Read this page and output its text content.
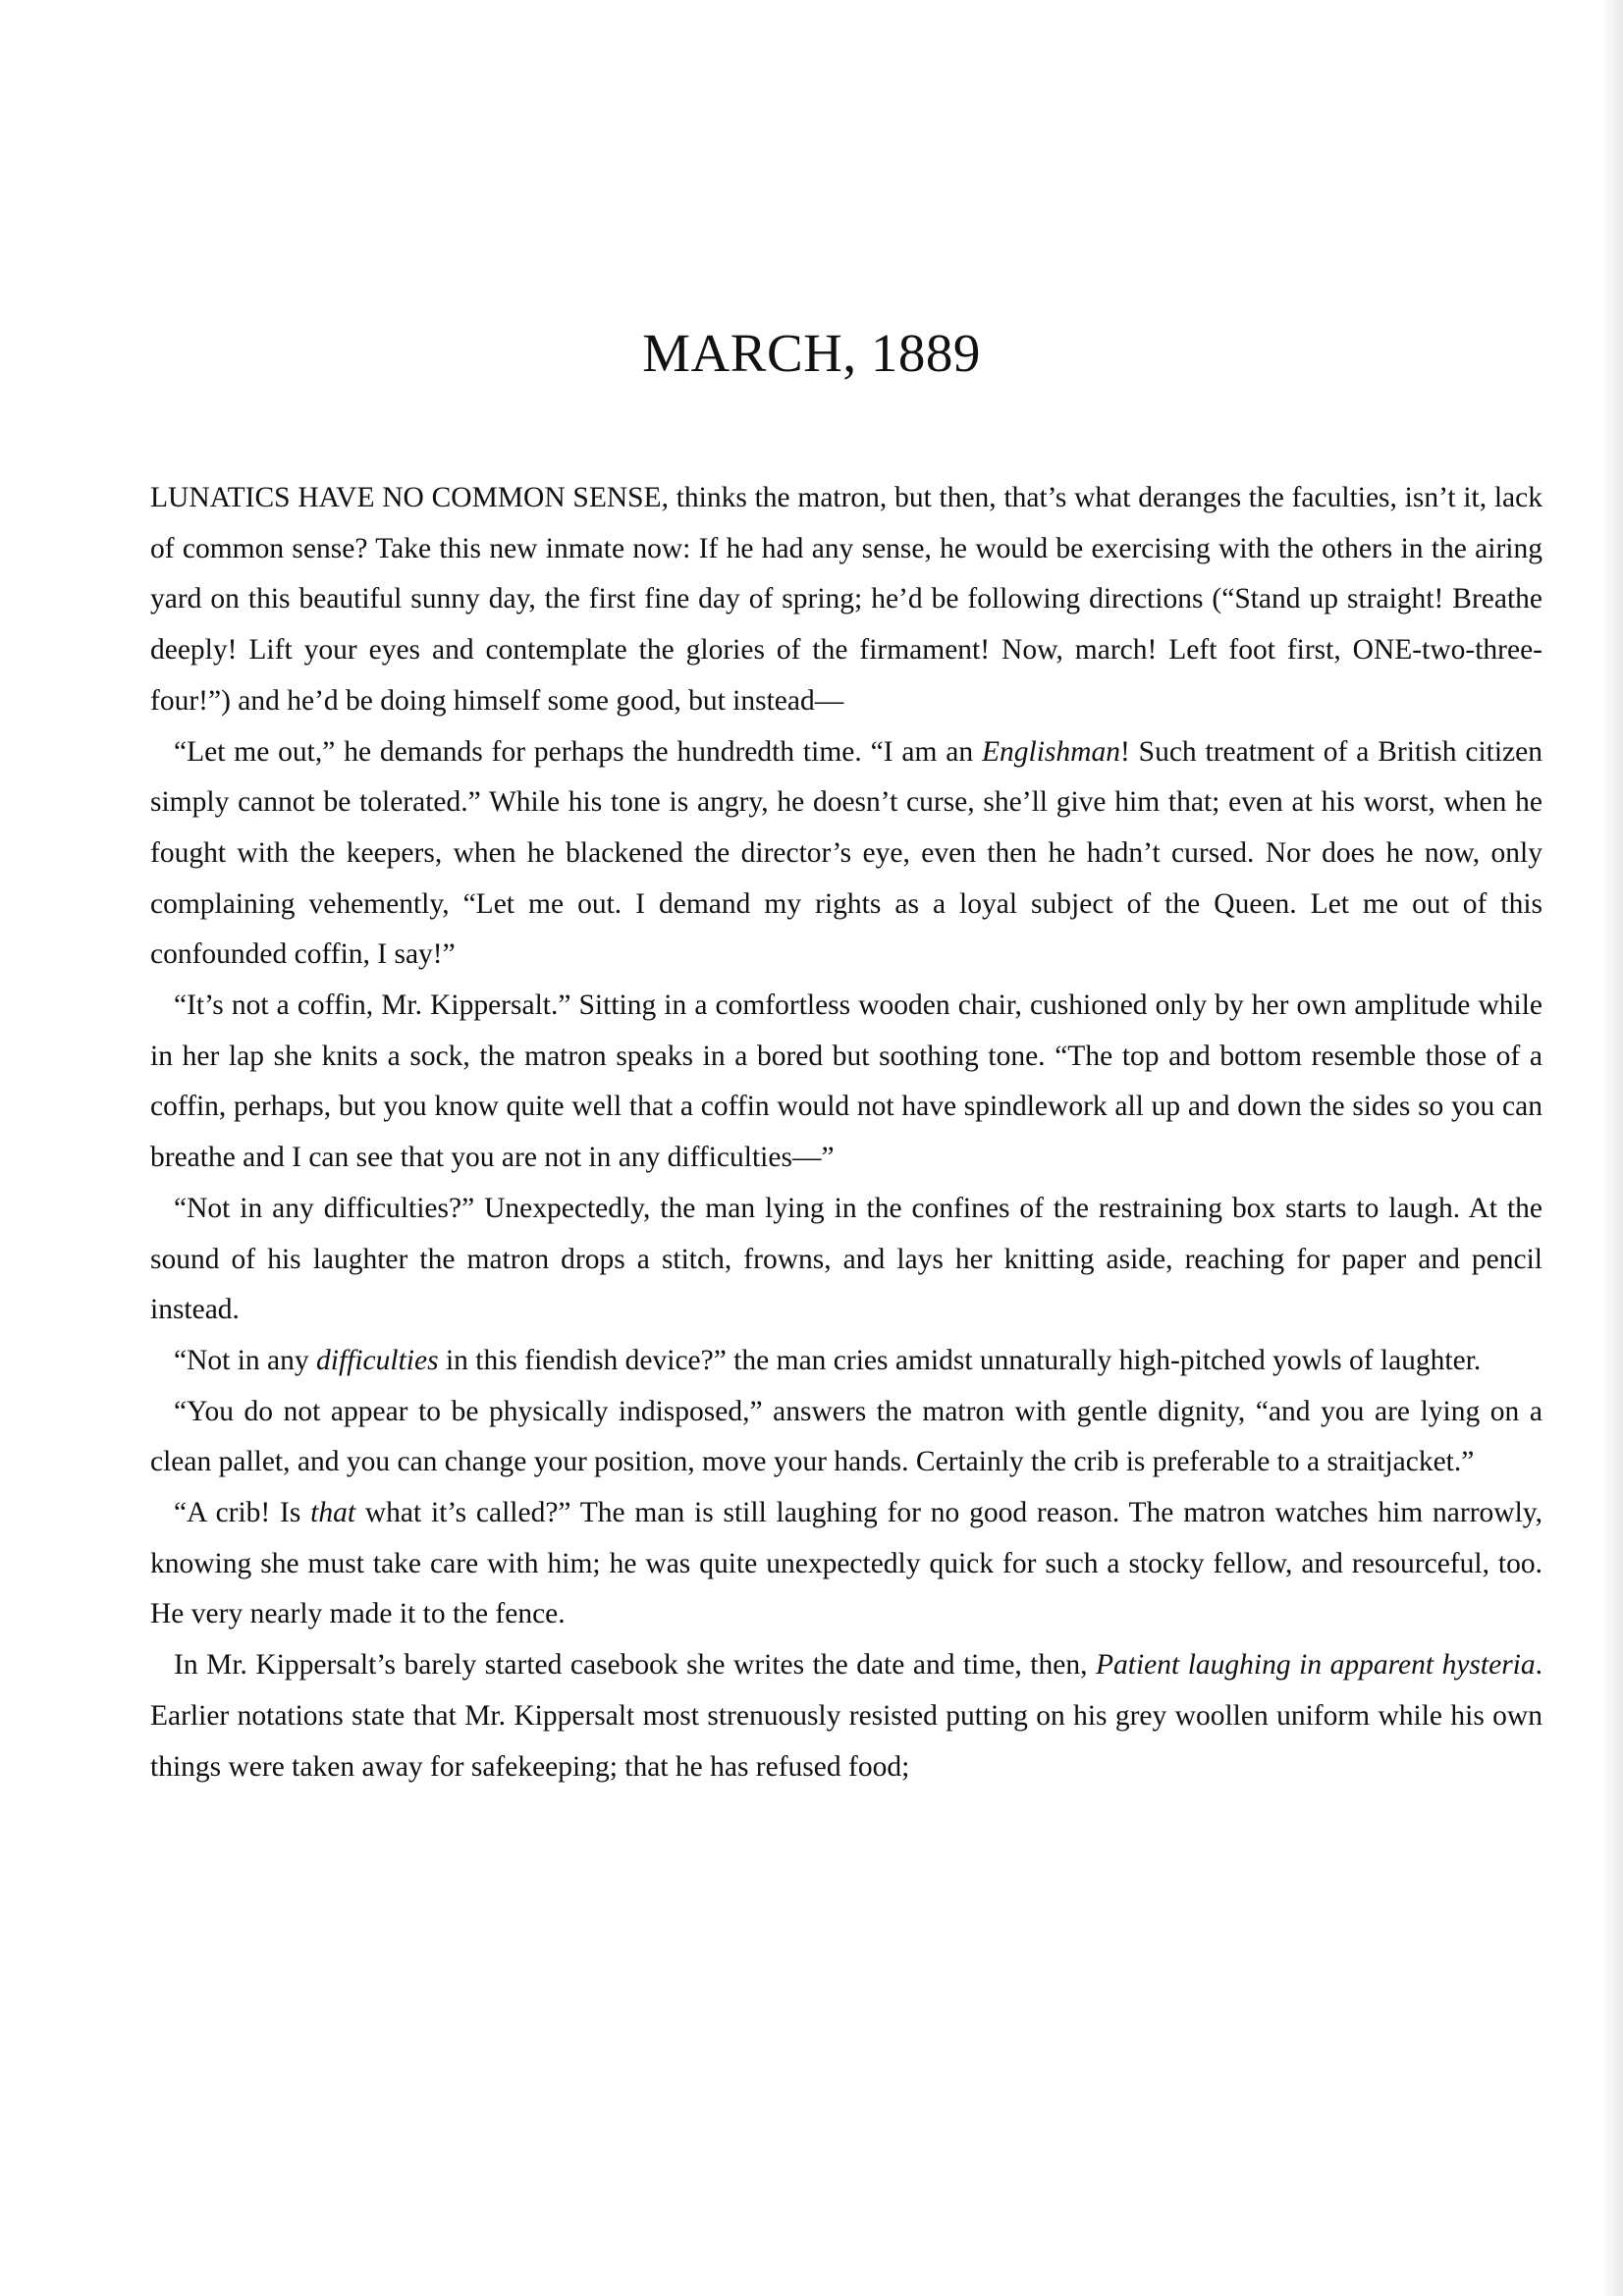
MARCH, 1889

LUNATICS HAVE NO COMMON SENSE, thinks the matron, but then, that’s what deranges the faculties, isn’t it, lack of common sense? Take this new inmate now: If he had any sense, he would be exercising with the others in the airing yard on this beautiful sunny day, the first fine day of spring; he’d be following directions (“Stand up straight! Breathe deeply! Lift your eyes and contemplate the glories of the firmament! Now, march! Left foot first, ONE-two-three-four!”) and he’d be doing himself some good, but instead—

“Let me out,” he demands for perhaps the hundredth time. “I am an Englishman! Such treatment of a British citizen simply cannot be tolerated.” While his tone is angry, he doesn’t curse, she’ll give him that; even at his worst, when he fought with the keepers, when he blackened the director’s eye, even then he hadn’t cursed. Nor does he now, only complaining vehemently, “Let me out. I demand my rights as a loyal subject of the Queen. Let me out of this confounded coffin, I say!”

“It’s not a coffin, Mr. Kippersalt.” Sitting in a comfortless wooden chair, cushioned only by her own amplitude while in her lap she knits a sock, the matron speaks in a bored but soothing tone. “The top and bottom resemble those of a coffin, perhaps, but you know quite well that a coffin would not have spindlework all up and down the sides so you can breathe and I can see that you are not in any difficulties—”

“Not in any difficulties?” Unexpectedly, the man lying in the confines of the restraining box starts to laugh. At the sound of his laughter the matron drops a stitch, frowns, and lays her knitting aside, reaching for paper and pencil instead.

“Not in any difficulties in this fiendish device?” the man cries amidst unnaturally high-pitched yowls of laughter.

“You do not appear to be physically indisposed,” answers the matron with gentle dignity, “and you are lying on a clean pallet, and you can change your position, move your hands. Certainly the crib is preferable to a straitjacket.”

“A crib! Is that what it’s called?” The man is still laughing for no good reason. The matron watches him narrowly, knowing she must take care with him; he was quite unexpectedly quick for such a stocky fellow, and resourceful, too. He very nearly made it to the fence.

In Mr. Kippersalt’s barely started casebook she writes the date and time, then, Patient laughing in apparent hysteria. Earlier notations state that Mr. Kippersalt most strenuously resisted putting on his grey woollen uniform while his own things were taken away for safekeeping; that he has refused food;
